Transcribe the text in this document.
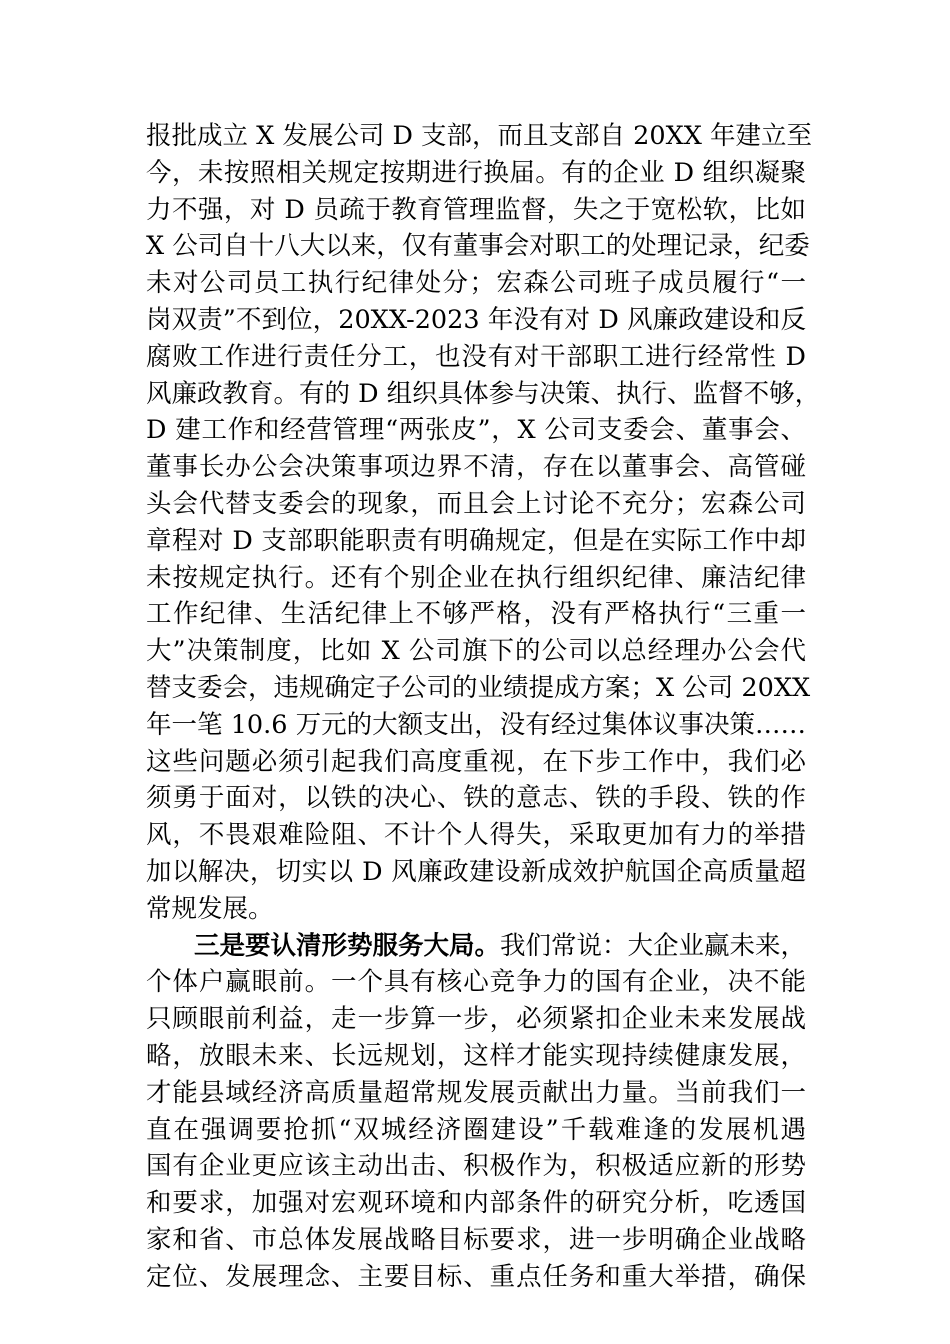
报批成立 X 发展公司 D 支部，而且支部自 20XX 年建立至
今，未按照相关规定按期进行换届。有的企业 D 组织凝聚
力不强，对 D 员疏于教育管理监督，失之于宽松软，比如
X 公司自十八大以来，仅有董事会对职工的处理记录，纪委
未对公司员工执行纪律处分；宏森公司班子成员履行“一
岗双责”不到位，20XX-2023 年没有对 D 风廉政建设和反
腐败工作进行责任分工，也没有对干部职工进行经常性 D
风廉政教育。有的 D 组织具体参与决策、执行、监督不够，
D 建工作和经营管理“两张皮”，X 公司支委会、董事会、
董事长办公会决策事项边界不清，存在以董事会、高管碰
头会代替支委会的现象，而且会上讨论不充分；宏森公司
章程对 D 支部职能职责有明确规定，但是在实际工作中却
未按规定执行。还有个别企业在执行组织纪律、廉洁纪律
工作纪律、生活纪律上不够严格，没有严格执行“三重一
大”决策制度，比如 X 公司旗下的公司以总经理办公会代
替支委会，违规确定子公司的业绩提成方案；X 公司 20XX
年一笔 10.6 万元的大额支出，没有经过集体议事决策……
这些问题必须引起我们高度重视，在下步工作中，我们必
须勇于面对，以铁的决心、铁的意志、铁的手段、铁的作
风，不畏艰难险阻、不计个人得失，采取更加有力的举措
加以解决，切实以 D 风廉政建设新成效护航国企高质量超
常规发展。
三是要认清形势服务大局。我们常说：大企业赢未来，
个体户赢眼前。一个具有核心竞争力的国有企业，决不能
只顾眼前利益，走一步算一步，必须紧扣企业未来发展战
略，放眼未来、长远规划，这样才能实现持续健康发展，
才能县域经济高质量超常规发展贡献出力量。当前我们一
直在强调要抢抓“双城经济圈建设”千载难逢的发展机遇
国有企业更应该主动出击、积极作为，积极适应新的形势
和要求，加强对宏观环境和内部条件的研究分析，吃透国
家和省、市总体发展战略目标要求，进一步明确企业战略
定位、发展理念、主要目标、重点任务和重大举措，确保
